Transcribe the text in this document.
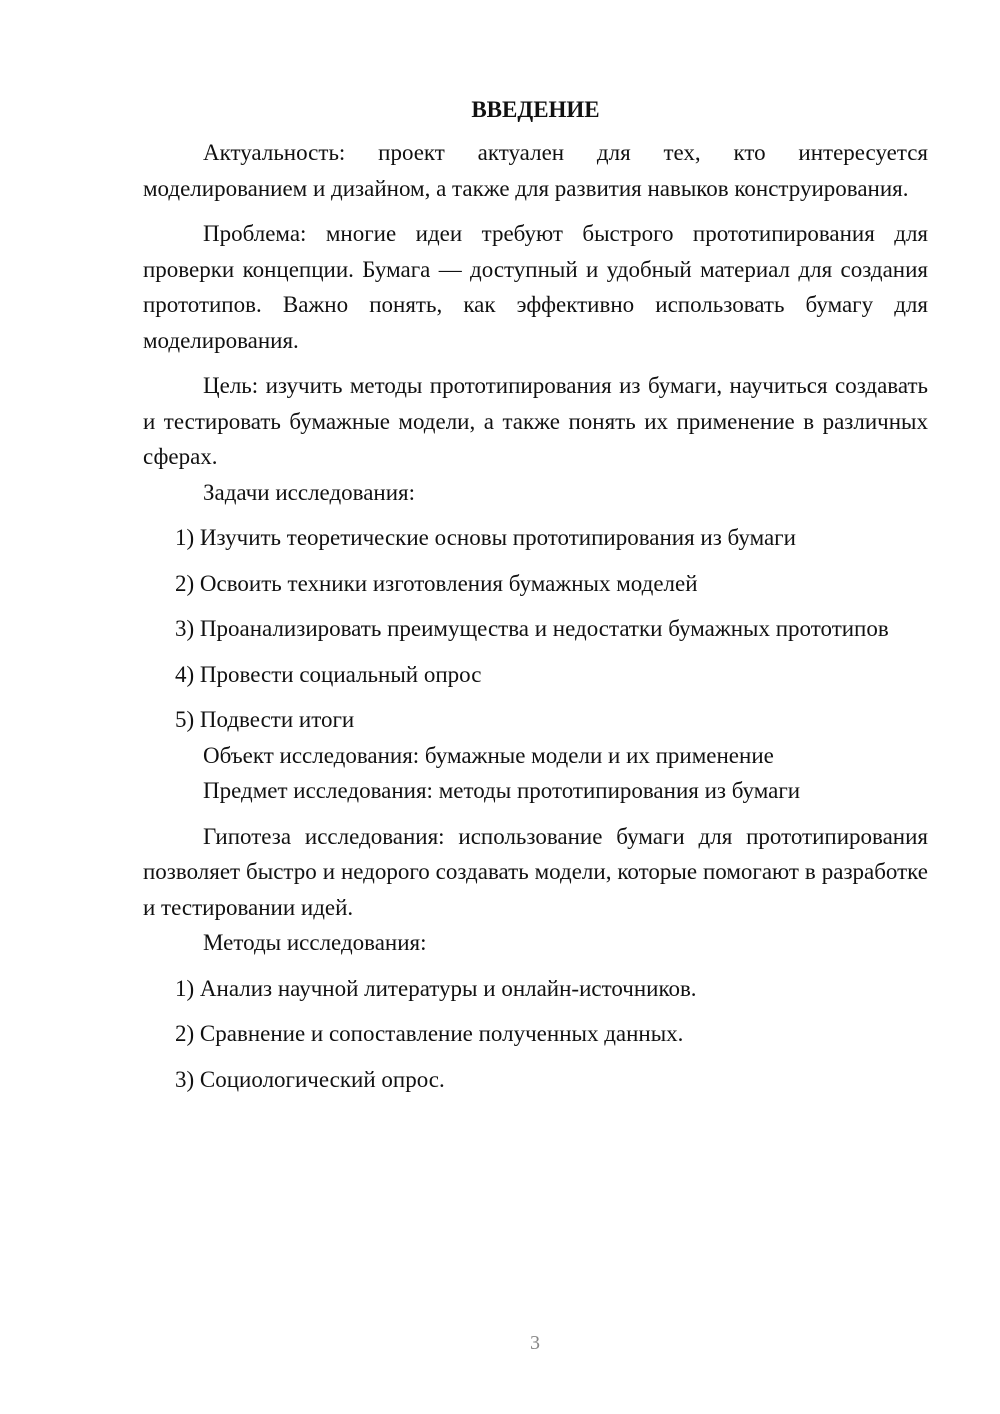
ВВЕДЕНИЕ

Актуальность: проект актуален для тех, кто интересуется моделированием и дизайном, а также для развития навыков конструирования.

Проблема: многие идеи требуют быстрого прототипирования для проверки концепции. Бумага — доступный и удобный материал для создания прототипов. Важно понять, как эффективно использовать бумагу для моделирования.

Цель: изучить методы прототипирования из бумаги, научиться создавать и тестировать бумажные модели, а также понять их применение в различных сферах.

Задачи исследования:

1) Изучить теоретические основы прототипирования из бумаги

2) Освоить техники изготовления бумажных моделей

3) Проанализировать преимущества и недостатки бумажных прототипов

4) Провести социальный опрос

5) Подвести итоги

Объект исследования: бумажные модели и их применение

Предмет исследования: методы прототипирования из бумаги

Гипотеза исследования: использование бумаги для прототипирования позволяет быстро и недорого создавать модели, которые помогают в разработке и тестировании идей.

Методы исследования:

1) Анализ научной литературы и онлайн-источников.

2) Сравнение и сопоставление полученных данных.

3) Социологический опрос.

3
